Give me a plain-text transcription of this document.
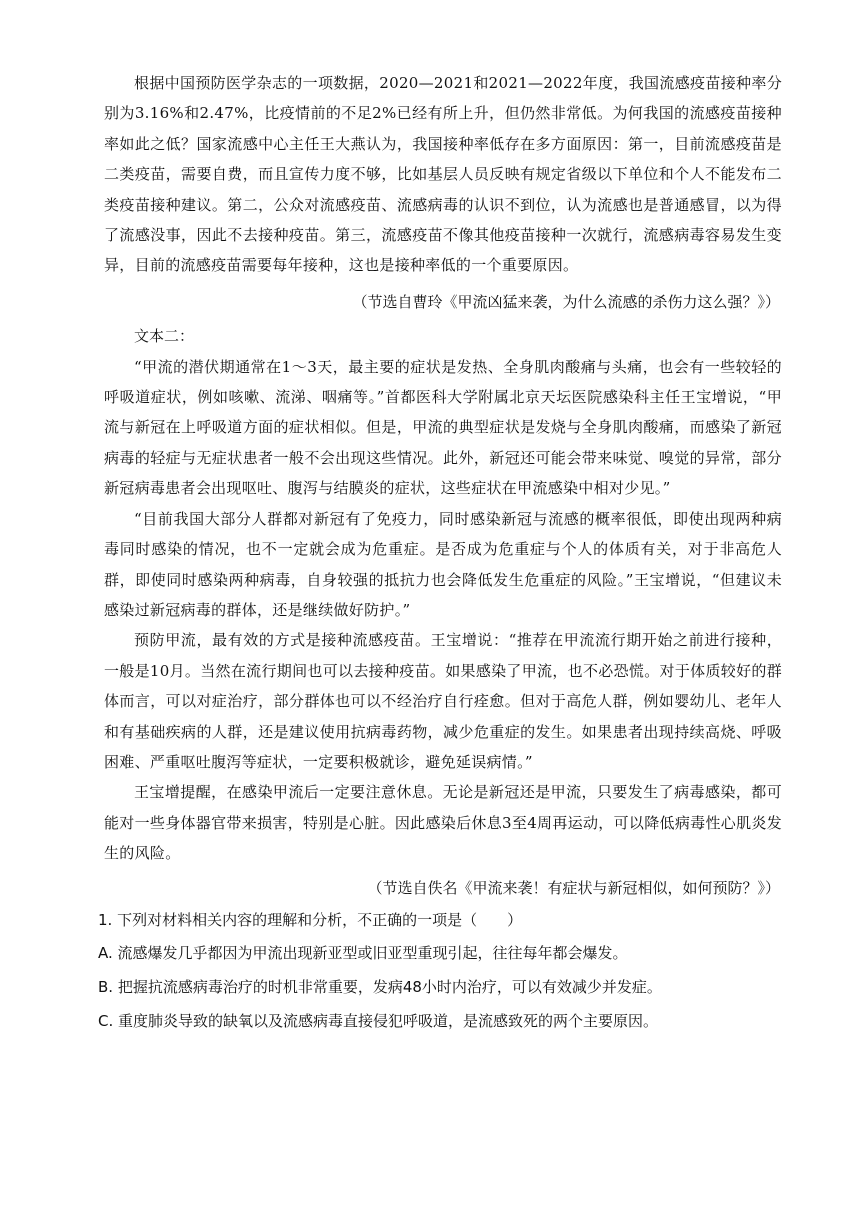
根据中国预防医学杂志的一项数据，2020—2021和2021—2022年度，我国流感疫苗接种率分别为3.16%和2.47%，比疫情前的不足2%已经有所上升，但仍然非常低。为何我国的流感疫苗接种率如此之低？国家流感中心主任王大燕认为，我国接种率低存在多方面原因：第一，目前流感疫苗是二类疫苗，需要自费，而且宣传力度不够，比如基层人员反映有规定省级以下单位和个人不能发布二类疫苗接种建议。第二，公众对流感疫苗、流感病毒的认识不到位，认为流感也是普通感冒，以为得了流感没事，因此不去接种疫苗。第三，流感疫苗不像其他疫苗接种一次就行，流感病毒容易发生变异，目前的流感疫苗需要每年接种，这也是接种率低的一个重要原因。

（节选自曹玲《甲流凶猛来袭，为什么流感的杀伤力这么强？》）

文本二：

“甲流的潜伏期通常在1～3天，最主要的症状是发热、全身肌肉酸痛与头痛，也会有一些较轻的呼吸道症状，例如咳嗽、流涕、咽痛等。”首都医科大学附属北京天坛医院感染科主任王宝增说，“甲流与新冠在上呼吸道方面的症状相似。但是，甲流的典型症状是发烧与全身肌肉酸痛，而感染了新冠病毒的轻症与无症状患者一般不会出现这些情况。此外，新冠还可能会带来味觉、嗅觉的异常，部分新冠病毒患者会出现呕吐、腹泻与结膜炎的症状，这些症状在甲流感染中相对少见。”

“目前我国大部分人群都对新冠有了免疫力，同时感染新冠与流感的概率很低，即使出现两种病毒同时感染的情况，也不一定就会成为危重症。是否成为危重症与个人的体质有关，对于非高危人群，即使同时感染两种病毒，自身较强的抵抗力也会降低发生危重症的风险。”王宝增说，“但建议未感染过新冠病毒的群体，还是继续做好防护。”

预防甲流，最有效的方式是接种流感疫苗。王宝增说：“推荐在甲流流行期开始之前进行接种，一般是10月。当然在流行期间也可以去接种疫苗。如果感染了甲流，也不必恐慌。对于体质较好的群体而言，可以对症治疗，部分群体也可以不经治疗自行痊愈。但对于高危人群，例如婴幼儿、老年人和有基础疾病的人群，还是建议使用抗病毒药物，减少危重症的发生。如果患者出现持续高烧、呼吸困难、严重呕吐腹泻等症状，一定要积极就诊，避免延误病情。”

王宝增提醒，在感染甲流后一定要注意休息。无论是新冠还是甲流，只要发生了病毒感染，都可能对一些身体器官带来损害，特别是心脏。因此感染后休息3至4周再运动，可以降低病毒性心肌炎发生的风险。

（节选自佚名《甲流来袭！有症状与新冠相似，如何预防？》）

1. 下列对材料相关内容的理解和分析，不正确的一项是（　　）

A. 流感爆发几乎都因为甲流出现新亚型或旧亚型重现引起，往往每年都会爆发。

B. 把握抗流感病毒治疗的时机非常重要，发病48小时内治疗，可以有效减少并发症。

C. 重度肺炎导致的缺氧以及流感病毒直接侵犯呼吸道，是流感致死的两个主要原因。
